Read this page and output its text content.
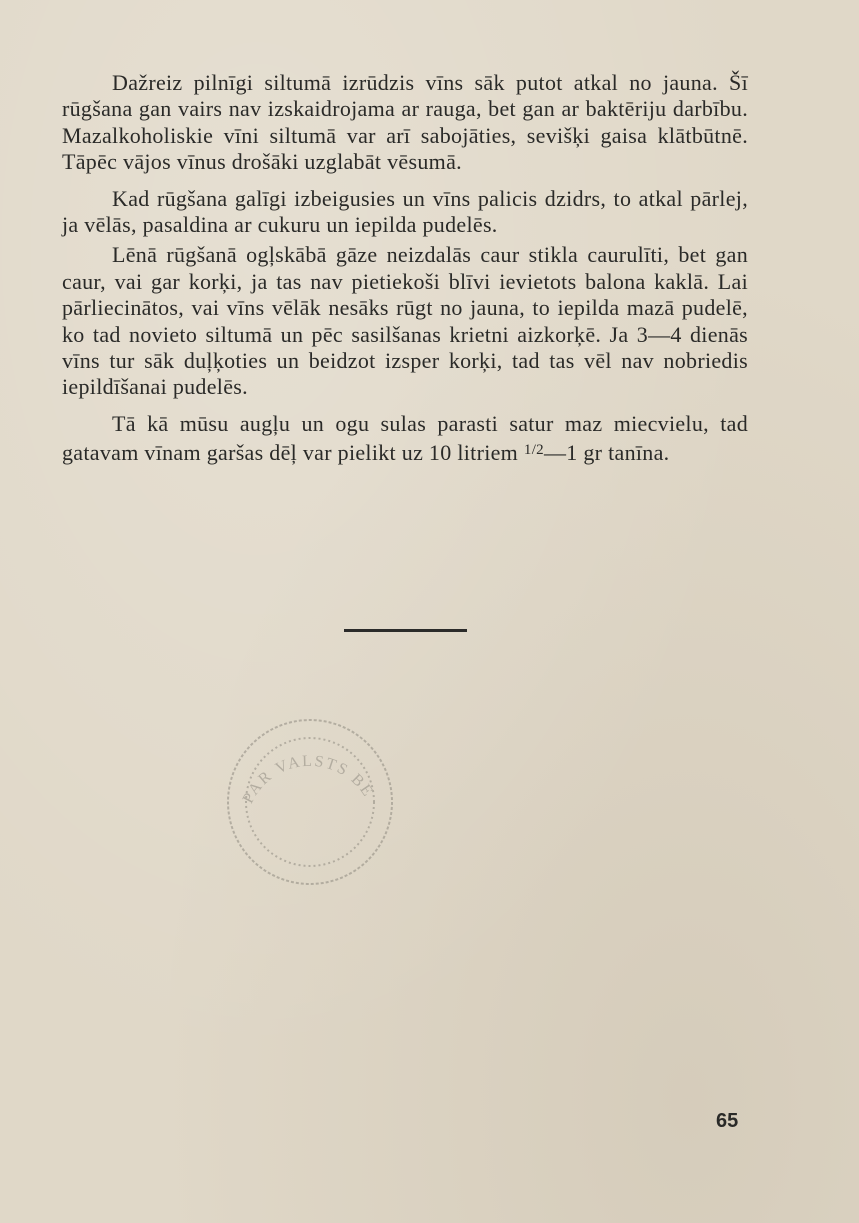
Dažreiz pilnīgi siltumā izrūdzis vīns sāk putot atkal no jauna. Šī rūgšana gan vairs nav izskaidrojama ar rauga, bet gan ar baktēriju darbību. Mazalkoholiskie vīni siltumā var arī sabojāties, sevišķi gaisa klātbūtnē. Tāpēc vājos vīnus drošāki uzglabāt vēsumā.

Kad rūgšana galīgi izbeigusies un vīns palicis dzidrs, to atkal pārlej, ja vēlās, pasaldina ar cukuru un iepilda pudelēs.

Lēnā rūgšanā ogļskābā gāze neizdalās caur stikla caurulīti, bet gan caur, vai gar korķi, ja tas nav pietiekoši blīvi ievietots balona kaklā. Lai pārliecinātos, vai vīns vēlāk nesāks rūgt no jauna, to iepilda mazā pudelē, ko tad novieto siltumā un pēc sasilšanas krietni aizkorķē. Ja 3—4 dienās vīns tur sāk duļķoties un beidzot izsper korķi, tad tas vēl nav nobriedis iepildīšanai pudelēs.

Tā kā mūsu augļu un ogu sulas parasti satur maz miecvielu, tad gatavam vīnam garšas dēļ var pielikt uz 10 litriem $^{1/2}$—1 gr tanīna.

PAR VALSTS BE
65
